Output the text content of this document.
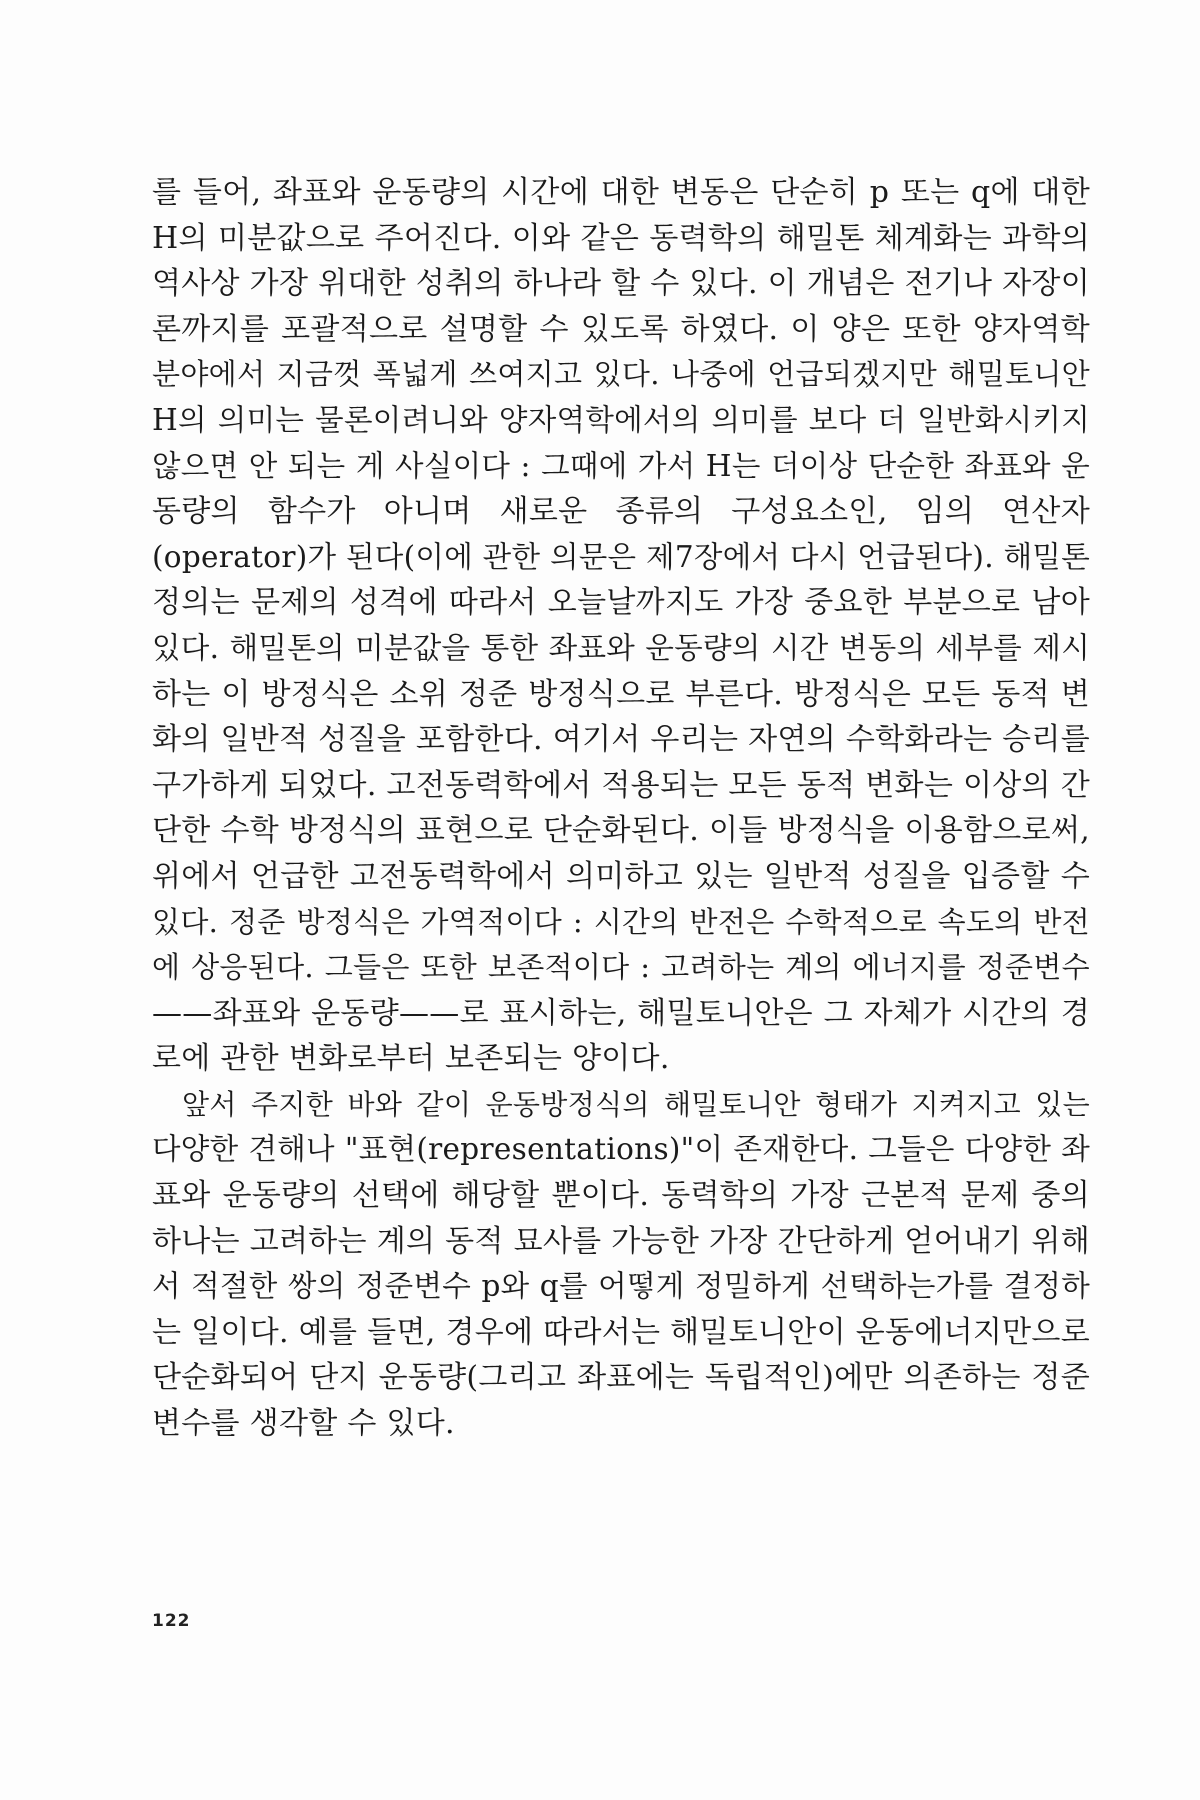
를 들어, 좌표와 운동량의 시간에 대한 변동은 단순히 p 또는 q에 대한
H의 미분값으로 주어진다. 이와 같은 동력학의 해밀톤 체계화는 과학의
역사상 가장 위대한 성취의 하나라 할 수 있다. 이 개념은 전기나 자장이
론까지를 포괄적으로 설명할 수 있도록 하였다. 이 양은 또한 양자역학
분야에서 지금껏 폭넓게 쓰여지고 있다. 나중에 언급되겠지만 해밀토니안
H의 의미는 물론이려니와 양자역학에서의 의미를 보다 더 일반화시키지
않으면 안 되는 게 사실이다 : 그때에 가서 H는 더이상 단순한 좌표와 운
동량의 함수가 아니며 새로운 종류의 구성요소인, 임의 연산자
(operator)가 된다(이에 관한 의문은 제7장에서 다시 언급된다). 해밀톤
정의는 문제의 성격에 따라서 오늘날까지도 가장 중요한 부분으로 남아
있다. 해밀톤의 미분값을 통한 좌표와 운동량의 시간 변동의 세부를 제시
하는 이 방정식은 소위 정준 방정식으로 부른다. 방정식은 모든 동적 변
화의 일반적 성질을 포함한다. 여기서 우리는 자연의 수학화라는 승리를
구가하게 되었다. 고전동력학에서 적용되는 모든 동적 변화는 이상의 간
단한 수학 방정식의 표현으로 단순화된다. 이들 방정식을 이용함으로써,
위에서 언급한 고전동력학에서 의미하고 있는 일반적 성질을 입증할 수
있다. 정준 방정식은 가역적이다 : 시간의 반전은 수학적으로 속도의 반전
에 상응된다. 그들은 또한 보존적이다 : 고려하는 계의 에너지를 정준변수
——좌표와 운동량——로 표시하는, 해밀토니안은 그 자체가 시간의 경
로에 관한 변화로부터 보존되는 양이다.
앞서 주지한 바와 같이 운동방정식의 해밀토니안 형태가 지켜지고 있는
다양한 견해나 "표현(representations)"이 존재한다. 그들은 다양한 좌
표와 운동량의 선택에 해당할 뿐이다. 동력학의 가장 근본적 문제 중의
하나는 고려하는 계의 동적 묘사를 가능한 가장 간단하게 얻어내기 위해
서 적절한 쌍의 정준변수 p와 q를 어떻게 정밀하게 선택하는가를 결정하
는 일이다. 예를 들면, 경우에 따라서는 해밀토니안이 운동에너지만으로
단순화되어 단지 운동량(그리고 좌표에는 독립적인)에만 의존하는 정준
변수를 생각할 수 있다.
122
